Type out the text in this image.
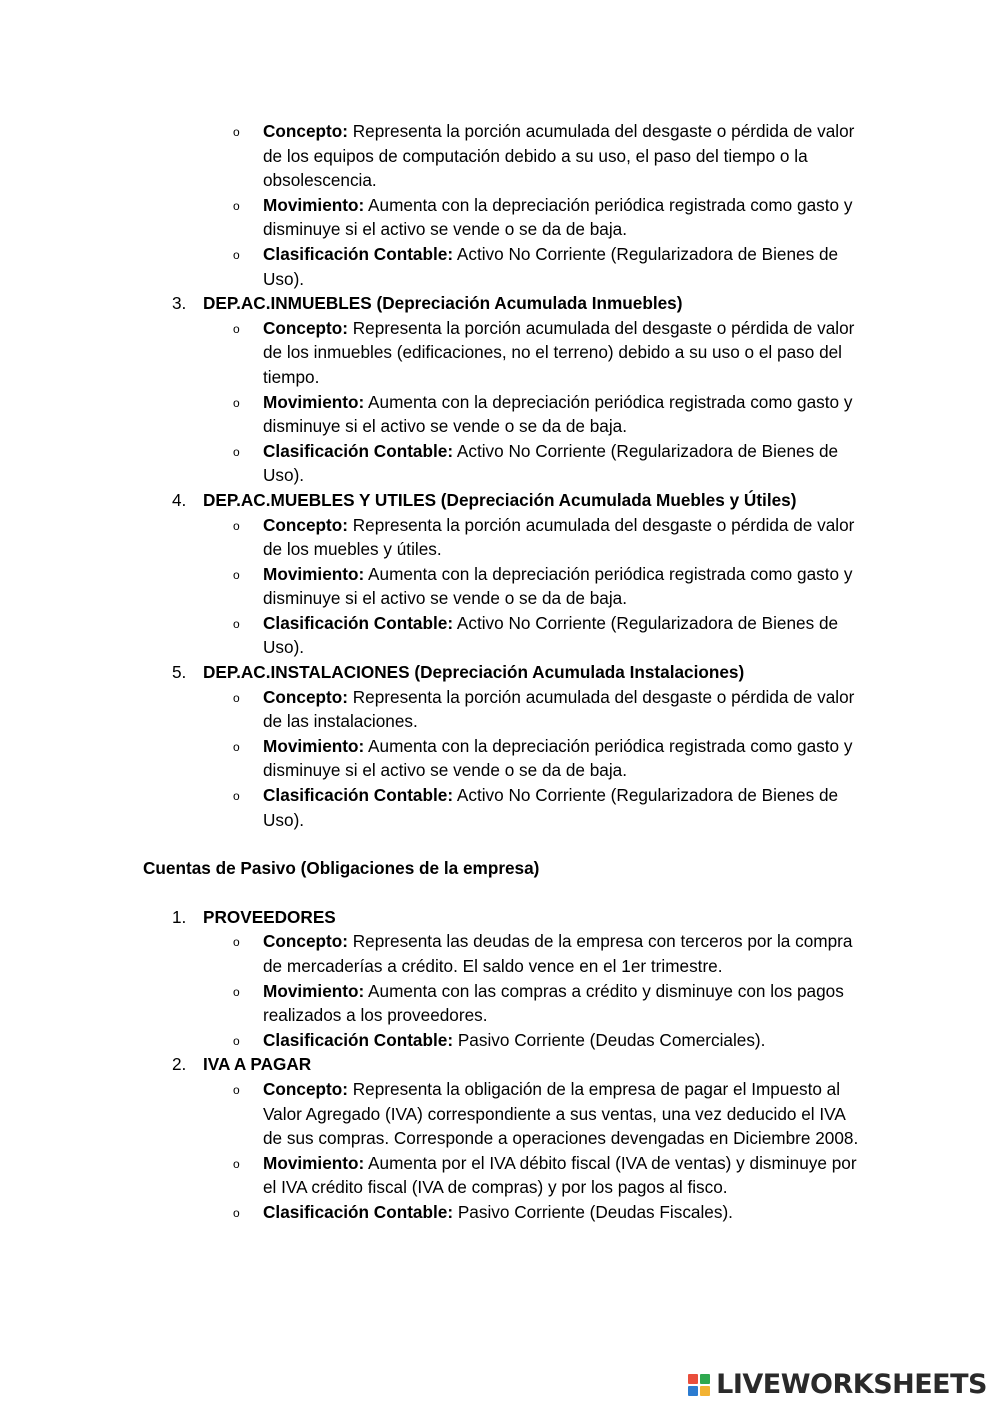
o Concepto: Representa la porción acumulada del desgaste o pérdida de valor de los equipos de computación debido a su uso, el paso del tiempo o la obsolescencia.
o Movimiento: Aumenta con la depreciación periódica registrada como gasto y disminuye si el activo se vende o se da de baja.
o Clasificación Contable: Activo No Corriente (Regularizadora de Bienes de Uso).
3. DEP.AC.INMUEBLES (Depreciación Acumulada Inmuebles)
o Concepto: Representa la porción acumulada del desgaste o pérdida de valor de los inmuebles (edificaciones, no el terreno) debido a su uso o el paso del tiempo.
o Movimiento: Aumenta con la depreciación periódica registrada como gasto y disminuye si el activo se vende o se da de baja.
o Clasificación Contable: Activo No Corriente (Regularizadora de Bienes de Uso).
4. DEP.AC.MUEBLES Y UTILES (Depreciación Acumulada Muebles y Útiles)
o Concepto: Representa la porción acumulada del desgaste o pérdida de valor de los muebles y útiles.
o Movimiento: Aumenta con la depreciación periódica registrada como gasto y disminuye si el activo se vende o se da de baja.
o Clasificación Contable: Activo No Corriente (Regularizadora de Bienes de Uso).
5. DEP.AC.INSTALACIONES (Depreciación Acumulada Instalaciones)
o Concepto: Representa la porción acumulada del desgaste o pérdida de valor de las instalaciones.
o Movimiento: Aumenta con la depreciación periódica registrada como gasto y disminuye si el activo se vende o se da de baja.
o Clasificación Contable: Activo No Corriente (Regularizadora de Bienes de Uso).
Cuentas de Pasivo (Obligaciones de la empresa)
1. PROVEEDORES
o Concepto: Representa las deudas de la empresa con terceros por la compra de mercaderías a crédito. El saldo vence en el 1er trimestre.
o Movimiento: Aumenta con las compras a crédito y disminuye con los pagos realizados a los proveedores.
o Clasificación Contable: Pasivo Corriente (Deudas Comerciales).
2. IVA A PAGAR
o Concepto: Representa la obligación de la empresa de pagar el Impuesto al Valor Agregado (IVA) correspondiente a sus ventas, una vez deducido el IVA de sus compras. Corresponde a operaciones devengadas en Diciembre 2008.
o Movimiento: Aumenta por el IVA débito fiscal (IVA de ventas) y disminuye por el IVA crédito fiscal (IVA de compras) y por los pagos al fisco.
o Clasificación Contable: Pasivo Corriente (Deudas Fiscales).
LIVEWORKSHEETS
